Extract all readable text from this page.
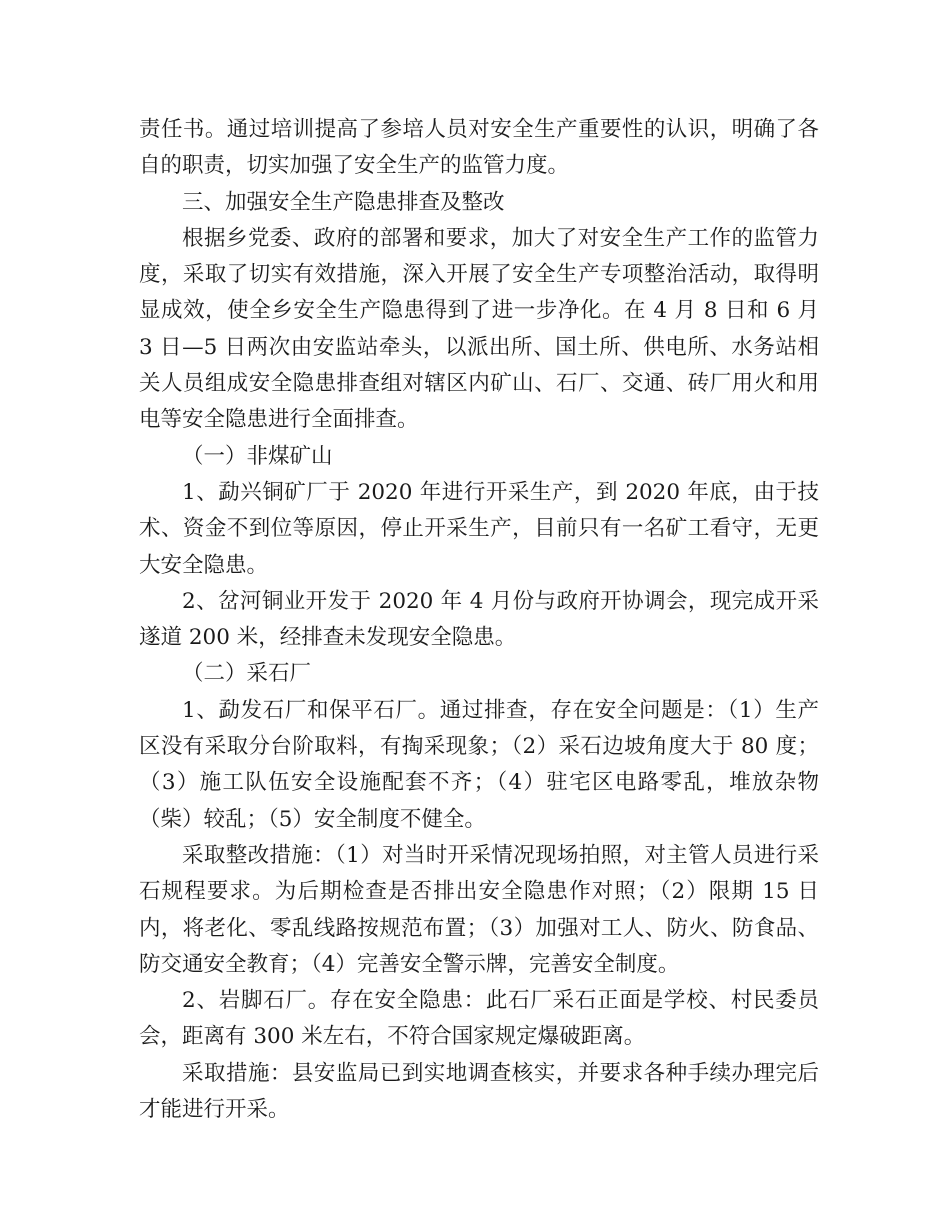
责任书。通过培训提高了参培人员对安全生产重要性的认识，明确了各自的职责，切实加强了安全生产的监管力度。

三、加强安全生产隐患排查及整改

根据乡党委、政府的部署和要求，加大了对安全生产工作的监管力度，采取了切实有效措施，深入开展了安全生产专项整治活动，取得明显成效，使全乡安全生产隐患得到了进一步净化。在 4 月 8 日和 6 月 3 日—5 日两次由安监站牵头，以派出所、国土所、供电所、水务站相关人员组成安全隐患排查组对辖区内矿山、石厂、交通、砖厂用火和用电等安全隐患进行全面排查。

（一）非煤矿山

1、勐兴铜矿厂于 2020 年进行开采生产，到 2020 年底，由于技术、资金不到位等原因，停止开采生产，目前只有一名矿工看守，无更大安全隐患。

2、岔河铜业开发于 2020 年 4 月份与政府开协调会，现完成开采遂道 200 米，经排查未发现安全隐患。

（二）采石厂

1、勐发石厂和保平石厂。通过排查，存在安全问题是：（1）生产区没有采取分台阶取料，有掏采现象；（2）采石边坡角度大于 80 度；（3）施工队伍安全设施配套不齐；（4）驻宅区电路零乱，堆放杂物（柴）较乱；（5）安全制度不健全。

采取整改措施：（1）对当时开采情况现场拍照，对主管人员进行采石规程要求。为后期检查是否排出安全隐患作对照；（2）限期 15 日内，将老化、零乱线路按规范布置；（3）加强对工人、防火、防食品、防交通安全教育；（4）完善安全警示牌，完善安全制度。

2、岩脚石厂。存在安全隐患：此石厂采石正面是学校、村民委员会，距离有 300 米左右，不符合国家规定爆破距离。

采取措施：县安监局已到实地调查核实，并要求各种手续办理完后才能进行开采。
